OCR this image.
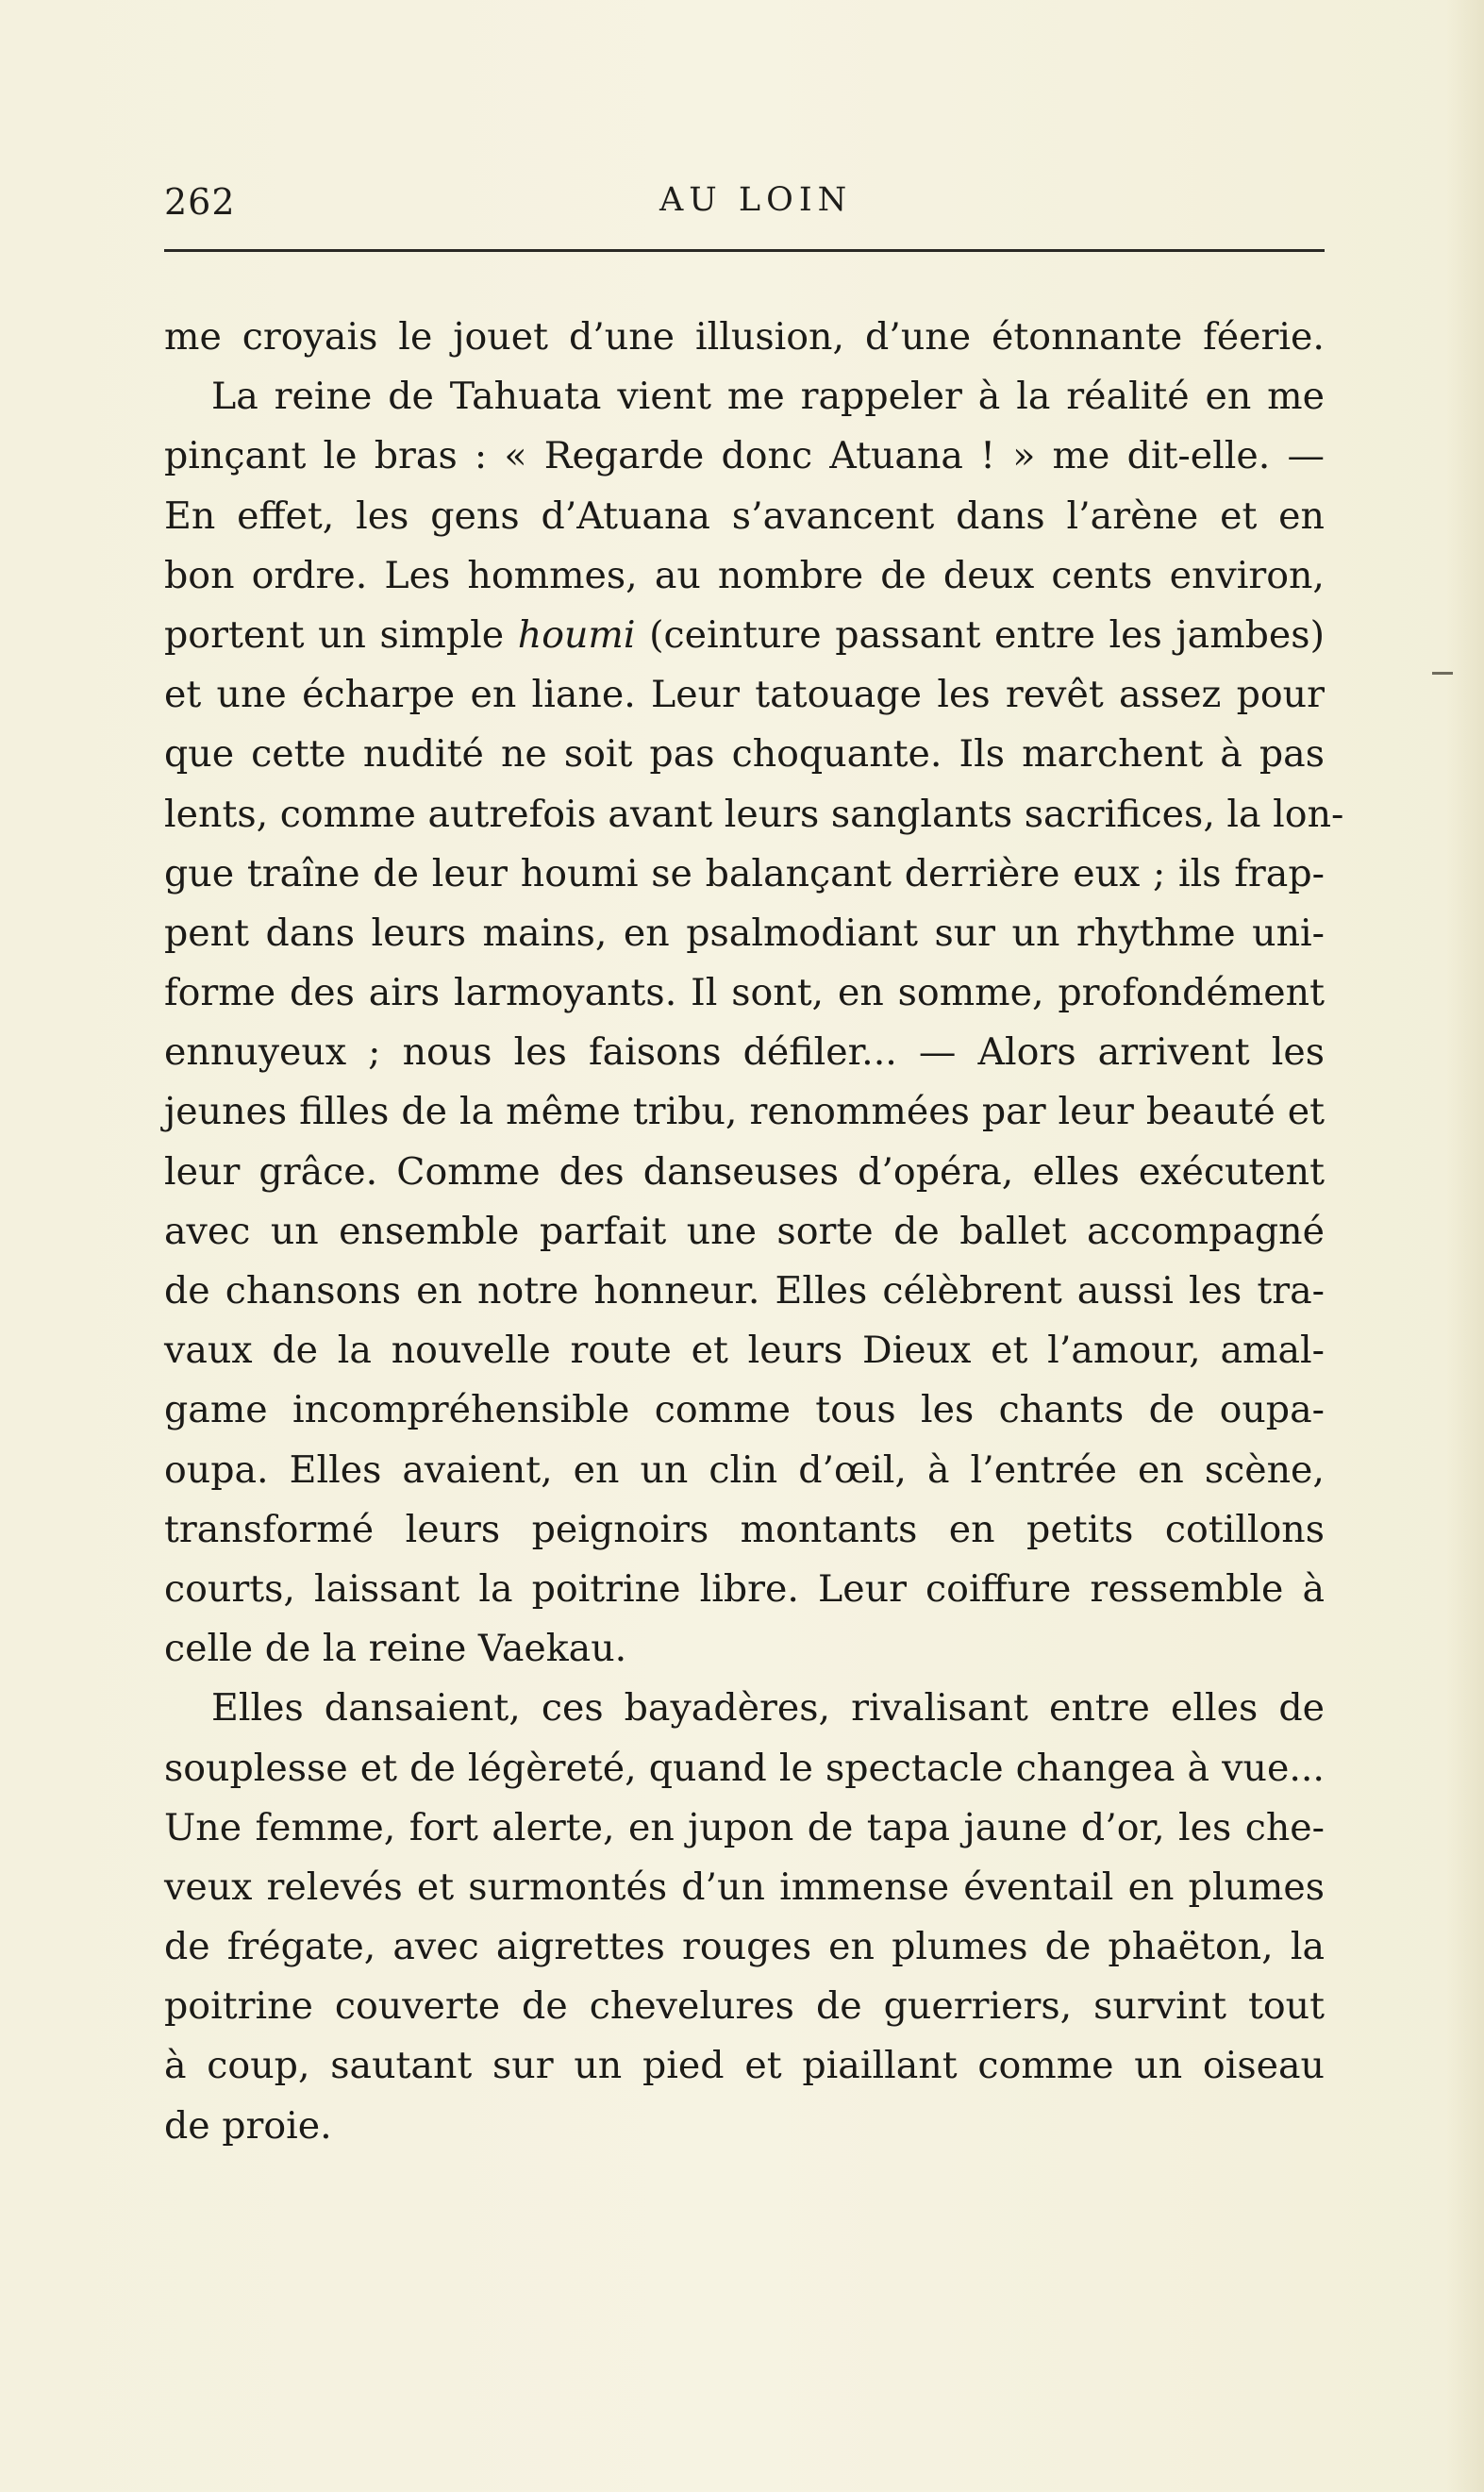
262	AU LOIN
me croyais le jouet d’une illusion, d’une étonnante féerie.
La reine de Tahuata vient me rappeler à la réalité en me
pinçant le bras : « Regarde donc Atuana ! » me dit-elle. —
En effet, les gens d’Atuana s’avancent dans l’arène et en
bon ordre. Les hommes, au nombre de deux cents environ,
portent un simple houmi (ceinture passant entre les jambes)
et une écharpe en liane. Leur tatouage les revêt assez pour
que cette nudité ne soit pas choquante. Ils marchent à pas
lents, comme autrefois avant leurs sanglants sacrifices, la lon-
gue traîne de leur houmi se balançant derrière eux ; ils frap-
pent dans leurs mains, en psalmodiant sur un rhythme uni-
forme des airs larmoyants. Il sont, en somme, profondément
ennuyeux ; nous les faisons défiler... — Alors arrivent les
jeunes filles de la même tribu, renommées par leur beauté et
leur grâce. Comme des danseuses d’opéra, elles exécutent
avec un ensemble parfait une sorte de ballet accompagné
de chansons en notre honneur. Elles célèbrent aussi les tra-
vaux de la nouvelle route et leurs Dieux et l’amour, amal-
game incompréhensible comme tous les chants de oupa-
oupa. Elles avaient, en un clin d’œil, à l’entrée en scène,
transformé leurs peignoirs montants en petits cotillons
courts, laissant la poitrine libre. Leur coiffure ressemble à
celle de la reine Vaekau.
Elles dansaient, ces bayadères, rivalisant entre elles de
souplesse et de légèreté, quand le spectacle changea à vue...
Une femme, fort alerte, en jupon de tapa jaune d’or, les che-
veux relevés et surmontés d’un immense éventail en plumes
de frégate, avec aigrettes rouges en plumes de phaëton, la
poitrine couverte de chevelures de guerriers, survint tout
à coup, sautant sur un pied et piaillant comme un oiseau
de proie.
